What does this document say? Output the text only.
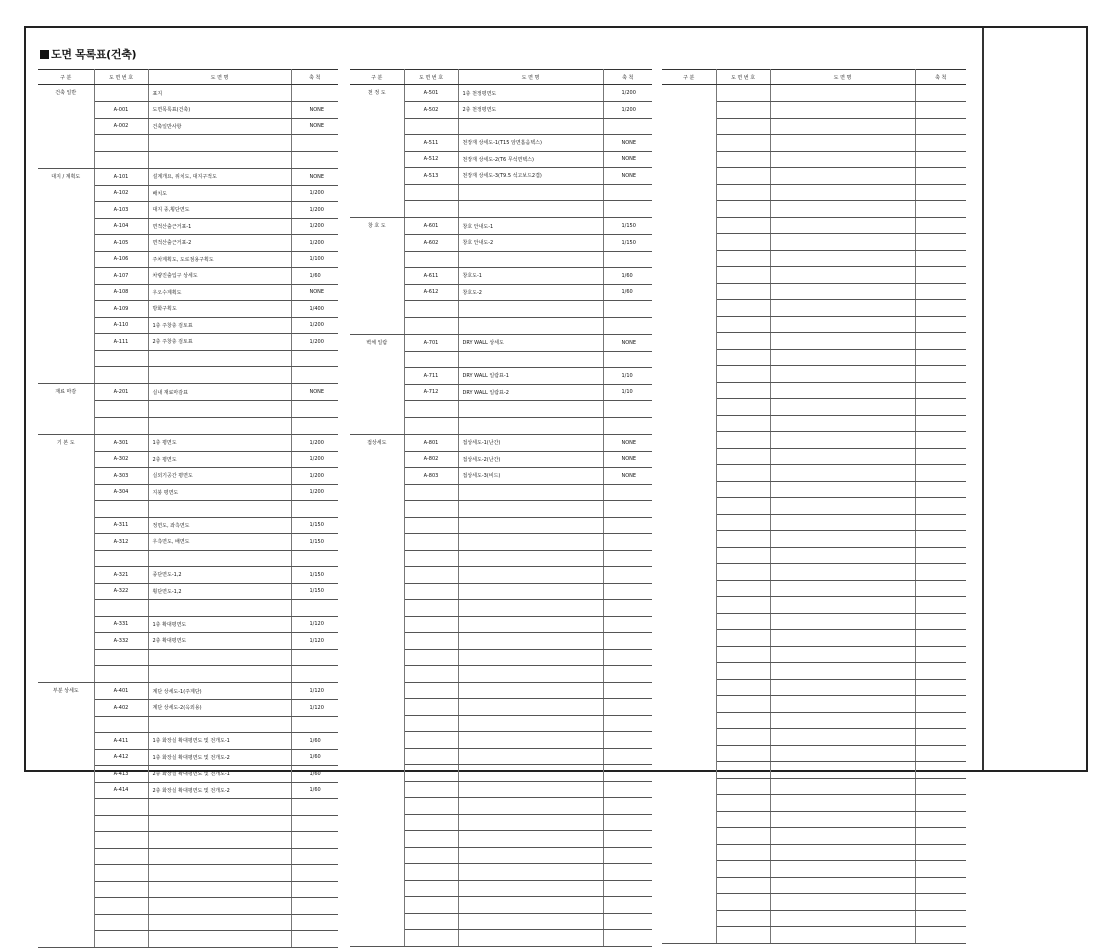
도면 목록표(건축)
구 분	도 면 번 호	도 면 명	축 척
건축 일반		표지	
	A-001	도면목록표(건축)	NONE
	A-002	건축일반사항	NONE

대지 / 계획도	A-101	설계개요, 위치도, 대지구적도	NONE
	A-102	배치도	1/200
	A-103	대지 종,횡단면도	1/200
	A-104	면적산출근거표-1	1/200
	A-105	면적산출근거표-2	1/200
	A-106	주차계획도, 도로점용구획도	1/100
	A-107	차량진출입구 상세도	1/60
	A-108	우오수계획도	NONE
	A-109	방화구획도	1/400
	A-110	1층 주창층 검토표	1/200
	A-111	2층 주창층 검토표	1/200

재료 마감	A-201	실내 재료마감표	NONE

기 본 도	A-301	1층 평면도	1/200
	A-302	2층 평면도	1/200
	A-303	실외기공간 평면도	1/200
	A-304	지붕 평면도	1/200

	A-311	정면도, 좌측면도	1/150
	A-312	우측면도, 배면도	1/150

	A-321	종단면도-1,2	1/150
	A-322	횡단면도-1,2	1/150

	A-331	1층 확대평면도	1/120
	A-332	2층 확대평면도	1/120

부분 상세도	A-401	계단 상세도-1(주계단)	1/120
	A-402	계단 상세도-2(옥외용)	1/120

	A-411	1층 화장실 확대평면도 및 전개도-1	1/60
	A-412	1층 화장실 확대평면도 및 전개도-2	1/60
	A-413	2층 화장실 확대평면도 및 전개도-1	1/60
	A-414	2층 화장실 확대평면도 및 전개도-2	1/60

구 분	도 면 번 호	도 면 명	축 척
천 정 도	A-501	1층 천정평면도	1/200
	A-502	2층 천정평면도	1/200

	A-511	천장재 상세도-1(T15 암면흡음텍스)	NONE
	A-512	천장재 상세도-2(T6 무석면텍스)	NONE
	A-513	천장재 상세도-3(T9.5 석고보드2겹)	NONE

창 호 도	A-601	창호 안내도-1	1/150
	A-602	창호 안내도-2	1/150

	A-611	창호도-1	1/60
	A-612	창호도-2	1/60

벽체 일람	A-701	DRY WALL 상세도	NONE

	A-711	DRY WALL 일람표-1	1/10
	A-712	DRY WALL 일람표-2	1/10

접상세도	A-801	접상세도-1(난간)	NONE
	A-802	접상세도-2(난간)	NONE
	A-803	접상세도-3(비드)	NONE

구 분	도 면 번 호	도 면 명	축 척
